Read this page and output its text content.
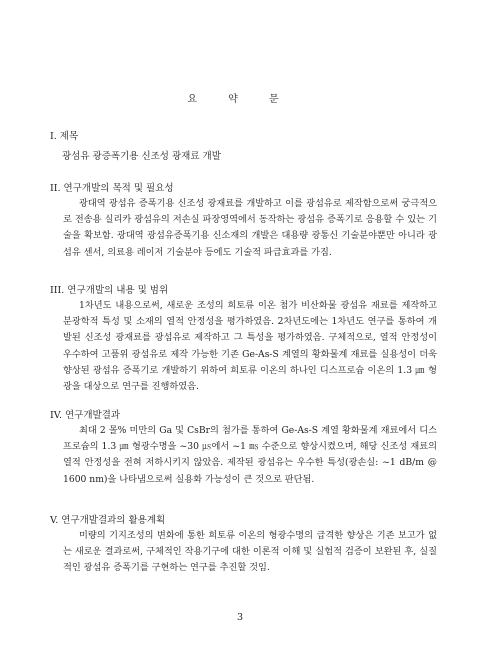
요 약 문
I. 제목
광섬유 광증폭기용 신조성 광재료 개발
II. 연구개발의 목적 및 필요성
광대역 광섬유 증폭기용 신조성 광재료를 개발하고 이를 광섬유로 제작함으로써 궁극적으로 전송용 실리카 광섬유의 저손실 파장영역에서 동작하는 광섬유 증폭기로 응용할 수 있는 기술을 확보함. 광대역 광섬유증폭기용 신소재의 개발은 대용량 광통신 기술분야뿐만 아니라 광섬유 센서, 의료용 레이저 기술분야 등에도 기술적 파급효과를 가짐.
III. 연구개발의 내용 및 범위
1차년도 내용으로써, 새로운 조성의 희토류 이온 첨가 비산화물 광섬유 재료를 제작하고 분광학적 특성 및 소재의 열적 안정성을 평가하였음. 2차년도에는 1차년도 연구를 통하여 개발된 신조성 광재료를 광섬유로 제작하고 그 특성을 평가하였음. 구체적으로, 열적 안정성이 우수하여 고품위 광섬유로 제작 가능한 기존 Ge-As-S 계열의 황화물계 재료를 실용성이 더욱 향상된 광섬유 증폭기로 개발하기 위하여 희토류 이온의 하나인 디스프로슘 이온의 1.3 ㎛ 형광을 대상으로 연구를 진행하였음.
IV. 연구개발결과
최대 2 몰% 미만의 Ga 및 CsBr의 첨가를 통하여 Ge-As-S 계열 황화물계 재료에서 디스프로슘의 1.3 ㎛ 형광수명을 ~30 ㎲에서 ~1 ㎳ 수준으로 향상시켰으며, 해당 신조성 재료의 열적 안정성을 전혀 저하시키지 않았음. 제작된 광섬유는 우수한 특성(광손실: ~1 dB/m @ 1600 nm)을 나타냄으로써 실용화 가능성이 큰 것으로 판단됨.
V. 연구개발결과의 활용계획
미량의 기지조성의 변화에 통한 희토류 이온의 형광수명의 급격한 향상은 기존 보고가 없는 새로운 결과로써, 구체적인 작용기구에 대한 이론적 이해 및 실험적 검증이 보완된 후, 실질적인 광섬유 증폭기를 구현하는 연구를 추진할 것임.
3
